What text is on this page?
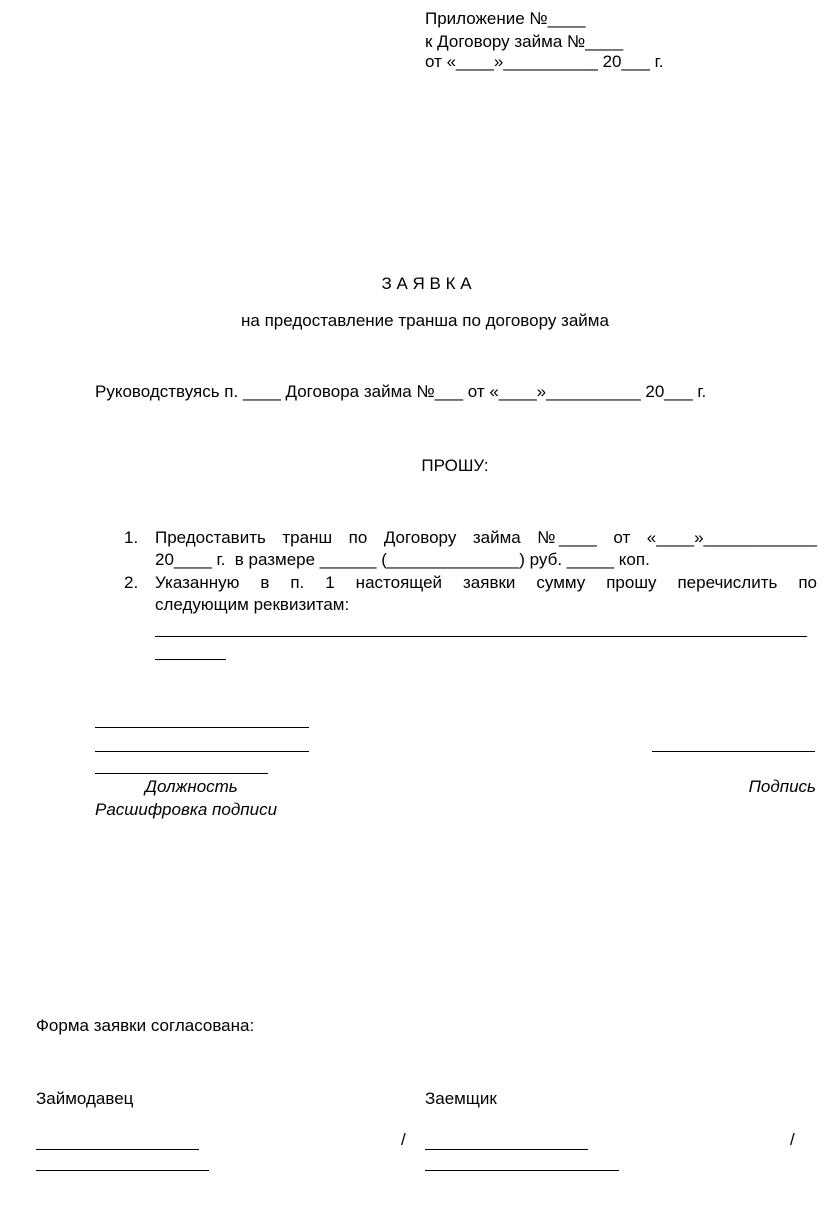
Приложение №____
к Договору займа №____
от «____»__________ 20___ г.
З А Я В К А
на предоставление транша по договору займа
Руководствуясь п. ____ Договора займа №___ от «____»__________ 20___ г.
ПРОШУ:
1. Предоставить  транш  по  Договору  займа  №____  от  «____»____________
20____ г.  в размере ______ (______________) руб. _____ коп.
2. Указанную   в   п.   1   настоящей   заявки   сумму   прошу   перечислить   по
следующим реквизитам:
Должность	Подпись
Расшифровка подписи
Форма заявки согласована:
Займодавец	Заемщик
/	/
